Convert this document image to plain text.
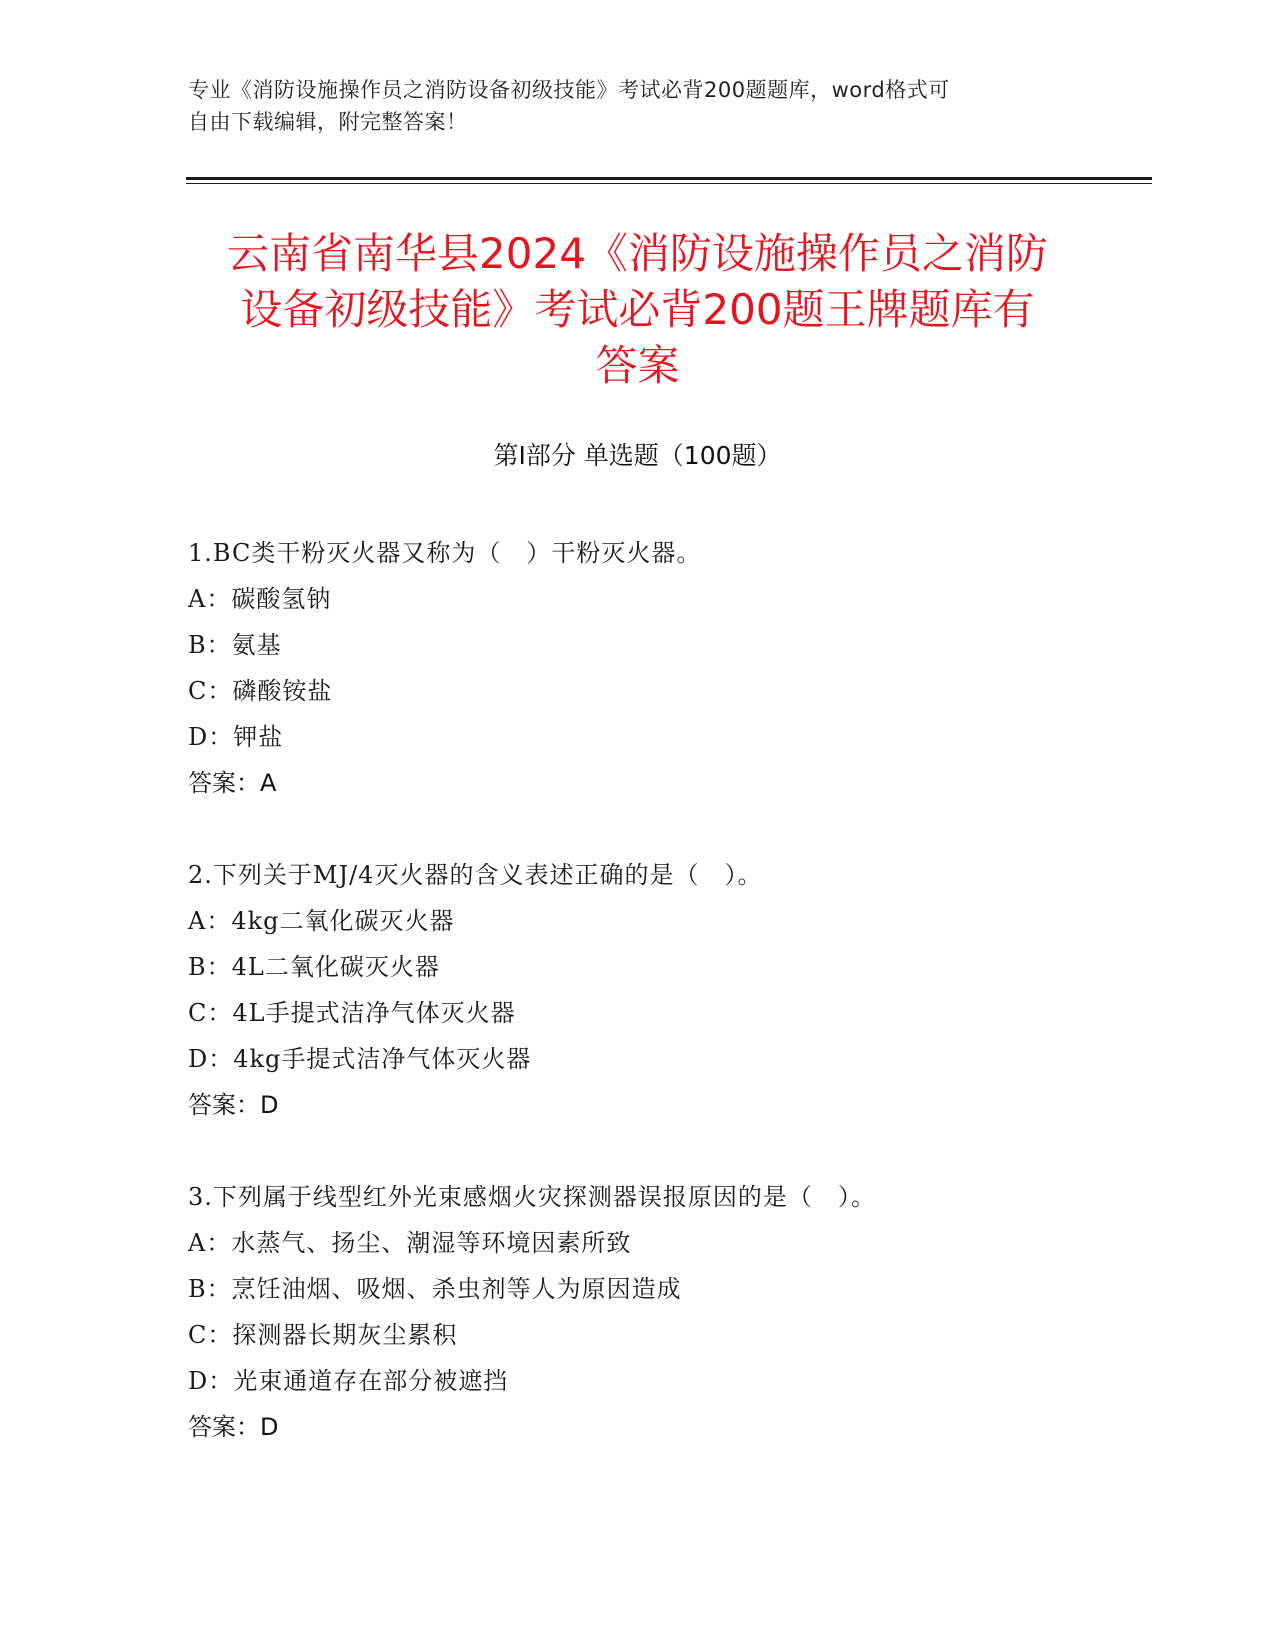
专业《消防设施操作员之消防设备初级技能》考试必背200题题库，word格式可
自由下载编辑，附完整答案！
云南省南华县2024《消防设施操作员之消防
设备初级技能》考试必背200题王牌题库有
答案
第Ⅰ部分 单选题（100题）
1.BC类干粉灭火器又称为（　）干粉灭火器。
A：碳酸氢钠
B：氨基
C：磷酸铵盐
D：钾盐
答案：A
2.下列关于MJ/4灭火器的含义表述正确的是（　）。
A：4kg二氧化碳灭火器
B：4L二氧化碳灭火器
C：4L手提式洁净气体灭火器
D：4kg手提式洁净气体灭火器
答案：D
3.下列属于线型红外光束感烟火灾探测器误报原因的是（　）。
A：水蒸气、扬尘、潮湿等环境因素所致
B：烹饪油烟、吸烟、杀虫剂等人为原因造成
C：探测器长期灰尘累积
D：光束通道存在部分被遮挡
答案：D
